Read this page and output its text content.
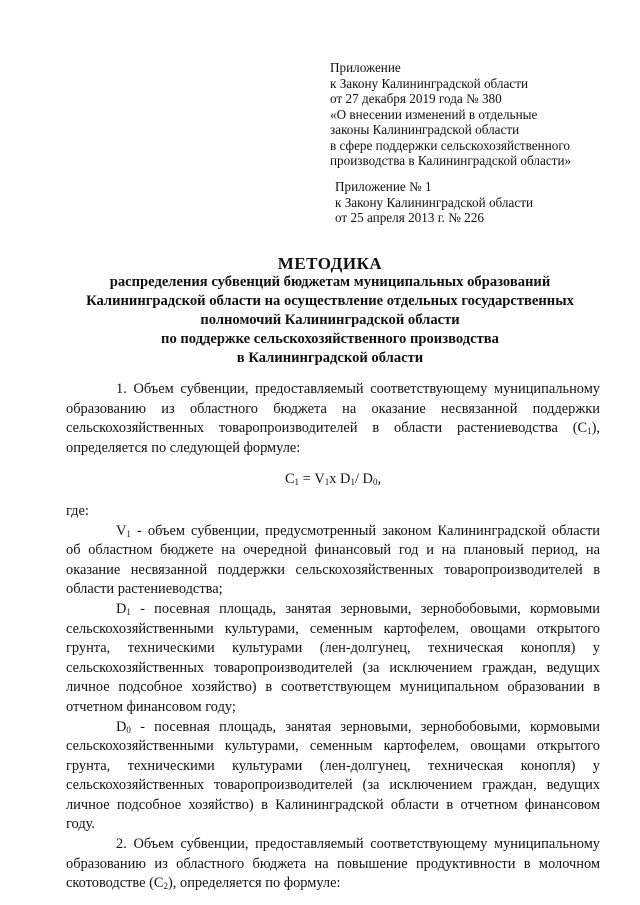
Приложение
к Закону Калининградской области
от 27 декабря 2019 года № 380
«О внесении изменений в отдельные
законы Калининградской области
в сфере поддержки сельскохозяйственного
производства в Калининградской области»
Приложение № 1
к Закону Калининградской области
от 25 апреля 2013 г. № 226
МЕТОДИКА
распределения субвенций бюджетам муниципальных образований
Калининградской области на осуществление отдельных государственных
полномочий Калининградской области
по поддержке сельскохозяйственного производства
в Калининградской области

1. Объем субвенции, предоставляемый соответствующему муниципальному образованию из областного бюджета на оказание несвязанной поддержки сельскохозяйственных товаропроизводителей в области растениеводства $(С_1)$, определяется по следующей формуле:

$С_1 = V_1x$ $D_1/$ $D_0$,

где:

$V_1$ - объем субвенции, предусмотренный законом Калининградской области об областном бюджете на очередной финансовый год и на плановый период, на оказание несвязанной поддержки сельскохозяйственных товаропроизводителей в области растениеводства;

$D_1$ - посевная площадь, занятая зерновыми, зернобобовыми, кормовыми сельскохозяйственными культурами, семенным картофелем, овощами открытого грунта, техническими культурами (лен-долгунец, техническая конопля) у сельскохозяйственных товаропроизводителей (за исключением граждан, ведущих личное подсобное хозяйство) в соответствующем муниципальном образовании в отчетном финансовом году;

$D_0$ - посевная площадь, занятая зерновыми, зернобобовыми, кормовыми сельскохозяйственными культурами, семенным картофелем, овощами открытого грунта, техническими культурами (лен-долгунец, техническая конопля) у сельскохозяйственных товаропроизводителей (за исключением граждан, ведущих личное подсобное хозяйство) в Калининградской области в отчетном финансовом году.

2. Объем субвенции, предоставляемый соответствующему муниципальному образованию из областного бюджета на повышение продуктивности в молочном скотоводстве $(С_2)$, определяется по формуле:
